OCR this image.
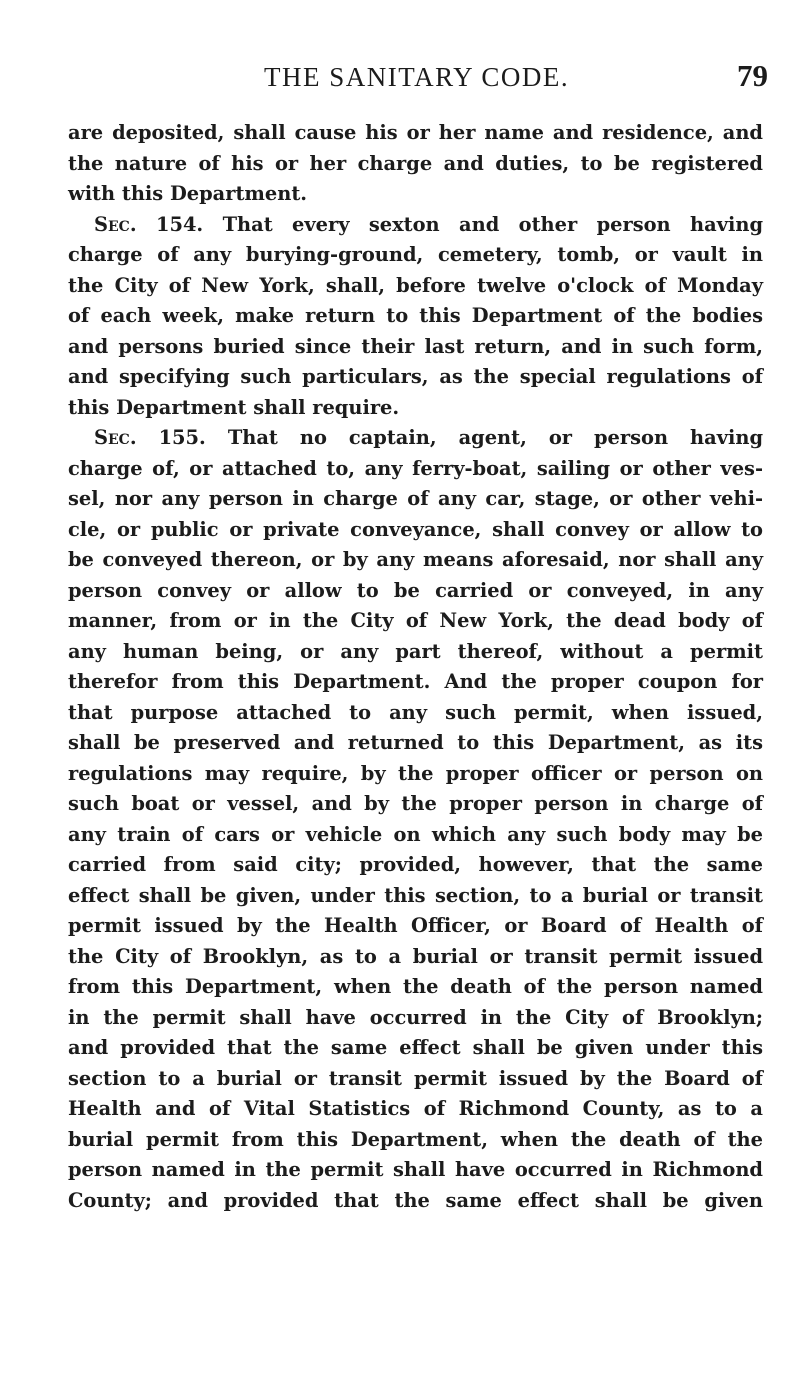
THE SANITARY CODE.	79

are deposited, shall cause his or her name and residence, and
the nature of his or her charge and duties, to be registered
with this Department.

Sec. 154. That every sexton and other person having
charge of any burying-ground, cemetery, tomb, or vault in
the City of New York, shall, before twelve o'clock of Monday
of each week, make return to this Department of the bodies
and persons buried since their last return, and in such form,
and specifying such particulars, as the special regulations of
this Department shall require.

Sec. 155. That no captain, agent, or person having
charge of, or attached to, any ferry-boat, sailing or other ves-
sel, nor any person in charge of any car, stage, or other vehi-
cle, or public or private conveyance, shall convey or allow to
be conveyed thereon, or by any means aforesaid, nor shall any
person convey or allow to be carried or conveyed, in any
manner, from or in the City of New York, the dead body of
any human being, or any part thereof, without a permit
therefor from this Department. And the proper coupon for
that purpose attached to any such permit, when issued,
shall be preserved and returned to this Department, as its
regulations may require, by the proper officer or person on
such boat or vessel, and by the proper person in charge of
any train of cars or vehicle on which any such body may be
carried from said city; provided, however, that the same
effect shall be given, under this section, to a burial or transit
permit issued by the Health Officer, or Board of Health of
the City of Brooklyn, as to a burial or transit permit issued
from this Department, when the death of the person named
in the permit shall have occurred in the City of Brooklyn;
and provided that the same effect shall be given under this
section to a burial or transit permit issued by the Board of
Health and of Vital Statistics of Richmond County, as to a
burial permit from this Department, when the death of the
person named in the permit shall have occurred in Richmond
County; and provided that the same effect shall be given
